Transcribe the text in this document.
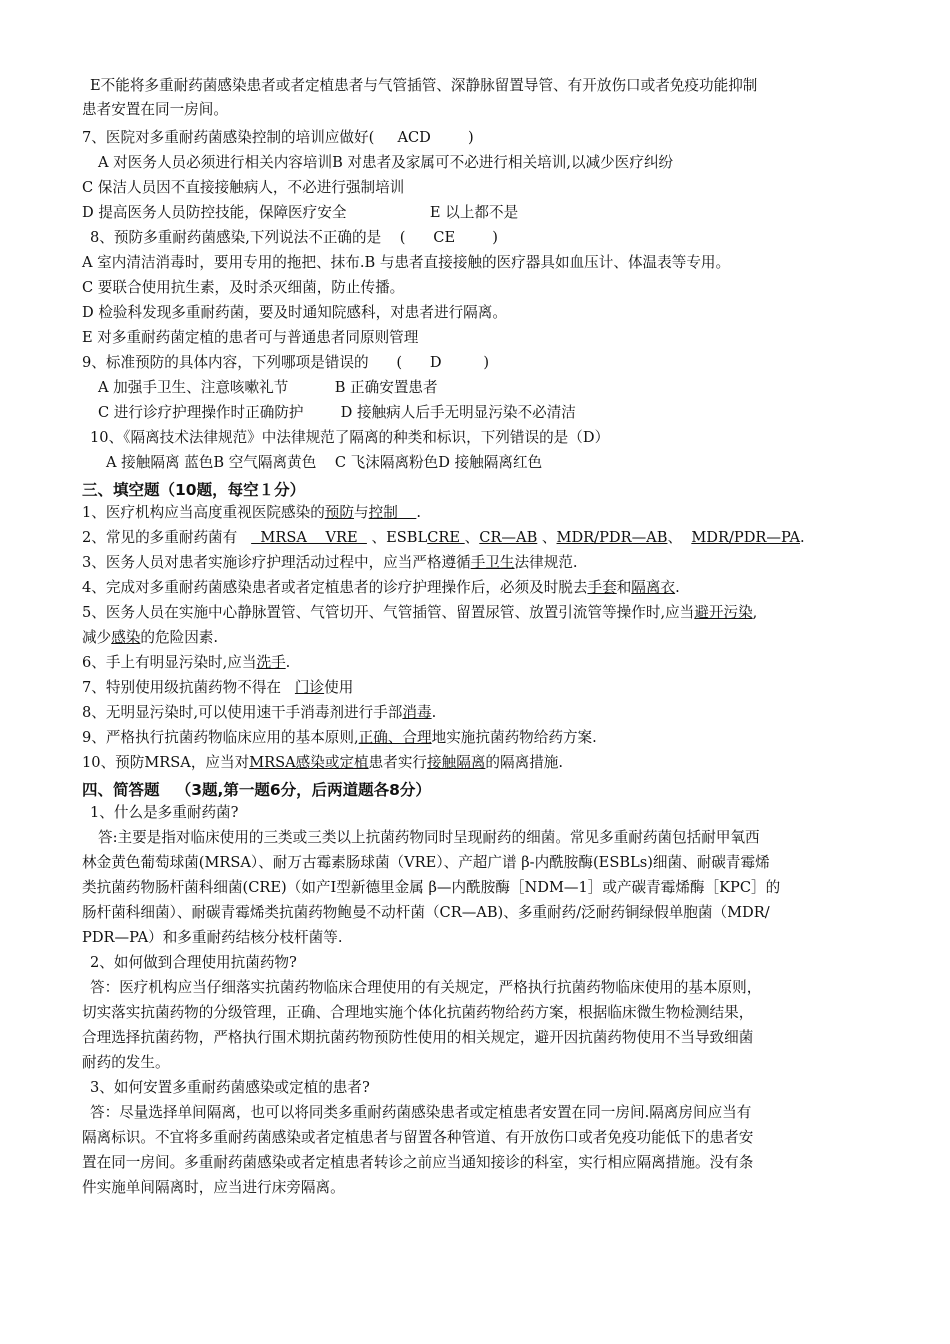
E不能将多重耐药菌感染患者或者定植患者与气管插管、深静脉留置导管、有开放伤口或者免疫功能抑制
患者安置在同一房间。
7、医院对多重耐药菌感染控制的培训应做好(     ACD        )
A 对医务人员必须进行相关内容培训B 对患者及家属可不必进行相关培训,以减少医疗纠纷
C 保洁人员因不直接接触病人，不必进行强制培训
D 提高医务人员防控技能，保障医疗安全                  E 以上都不是
8、预防多重耐药菌感染,下列说法不正确的是    (      CE        )
A 室内清洁消毒时，要用专用的拖把、抹布.B 与患者直接接触的医疗器具如血压计、体温表等专用。
C 要联合使用抗生素，及时杀灭细菌，防止传播。
D 检验科发现多重耐药菌，要及时通知院感科，对患者进行隔离。
E 对多重耐药菌定植的患者可与普通患者同原则管理
9、标准预防的具体内容，下列哪项是错误的      (      D         )
A 加强手卫生、注意咳嗽礼节          B 正确安置患者
C 进行诊疗护理操作时正确防护        D 接触病人后手无明显污染不必清洁
10、《隔离技术法律规范》中法律规范了隔离的种类和标识，下列错误的是（D）
A 接触隔离 蓝色B 空气隔离黄色    C 飞沫隔离粉色D 接触隔离红色
三、填空题（10题，每空１分）
1、医疗机构应当高度重视医院感染的预防与控制    .
2、常见的多重耐药菌有     MRSA    VRE   、ESBLCRE 、CR—AB 、MDR/PDR—AB、  MDR/PDR—PA.
3、医务人员对患者实施诊疗护理活动过程中，应当严格遵循手卫生法律规范.
4、完成对多重耐药菌感染患者或者定植患者的诊疗护理操作后，必须及时脱去手套和隔离衣.
5、医务人员在实施中心静脉置管、气管切开、气管插管、留置尿管、放置引流管等操作时,应当避开污染,
减少感染的危险因素.
6、手上有明显污染时,应当洗手.
7、特别使用级抗菌药物不得在   门诊使用
8、无明显污染时,可以使用速干手消毒剂进行手部消毒.
9、严格执行抗菌药物临床应用的基本原则,正确、合理地实施抗菌药物给药方案.
10、预防MRSA，应当对MRSA感染或定植患者实行接触隔离的隔离措施.
四、简答题   （3题,第一题6分，后两道题各8分）
1、什么是多重耐药菌?
答:主要是指对临床使用的三类或三类以上抗菌药物同时呈现耐药的细菌。常见多重耐药菌包括耐甲氧西
林金黄色葡萄球菌(MRSA）、耐万古霉素肠球菌（VRE）、产超广谱 β-内酰胺酶(ESBLs)细菌、耐碳青霉烯
类抗菌药物肠杆菌科细菌(CRE)（如产Ⅰ型新德里金属 β—内酰胺酶［NDM—1］或产碳青霉烯酶［KPC］的
肠杆菌科细菌）、耐碳青霉烯类抗菌药物鲍曼不动杆菌（CR—AB)、多重耐药/泛耐药铜绿假单胞菌（MDR/
PDR—PA）和多重耐药结核分枝杆菌等.
2、如何做到合理使用抗菌药物?
答：医疗机构应当仔细落实抗菌药物临床合理使用的有关规定，严格执行抗菌药物临床使用的基本原则，
切实落实抗菌药物的分级管理，正确、合理地实施个体化抗菌药物给药方案，根据临床微生物检测结果，
合理选择抗菌药物，严格执行围术期抗菌药物预防性使用的相关规定，避开因抗菌药物使用不当导致细菌
耐药的发生。
3、如何安置多重耐药菌感染或定植的患者?
答：尽量选择单间隔离，也可以将同类多重耐药菌感染患者或定植患者安置在同一房间.隔离房间应当有
隔离标识。不宜将多重耐药菌感染或者定植患者与留置各种管道、有开放伤口或者免疫功能低下的患者安
置在同一房间。多重耐药菌感染或者定植患者转诊之前应当通知接诊的科室，实行相应隔离措施。没有条
件实施单间隔离时，应当进行床旁隔离。
